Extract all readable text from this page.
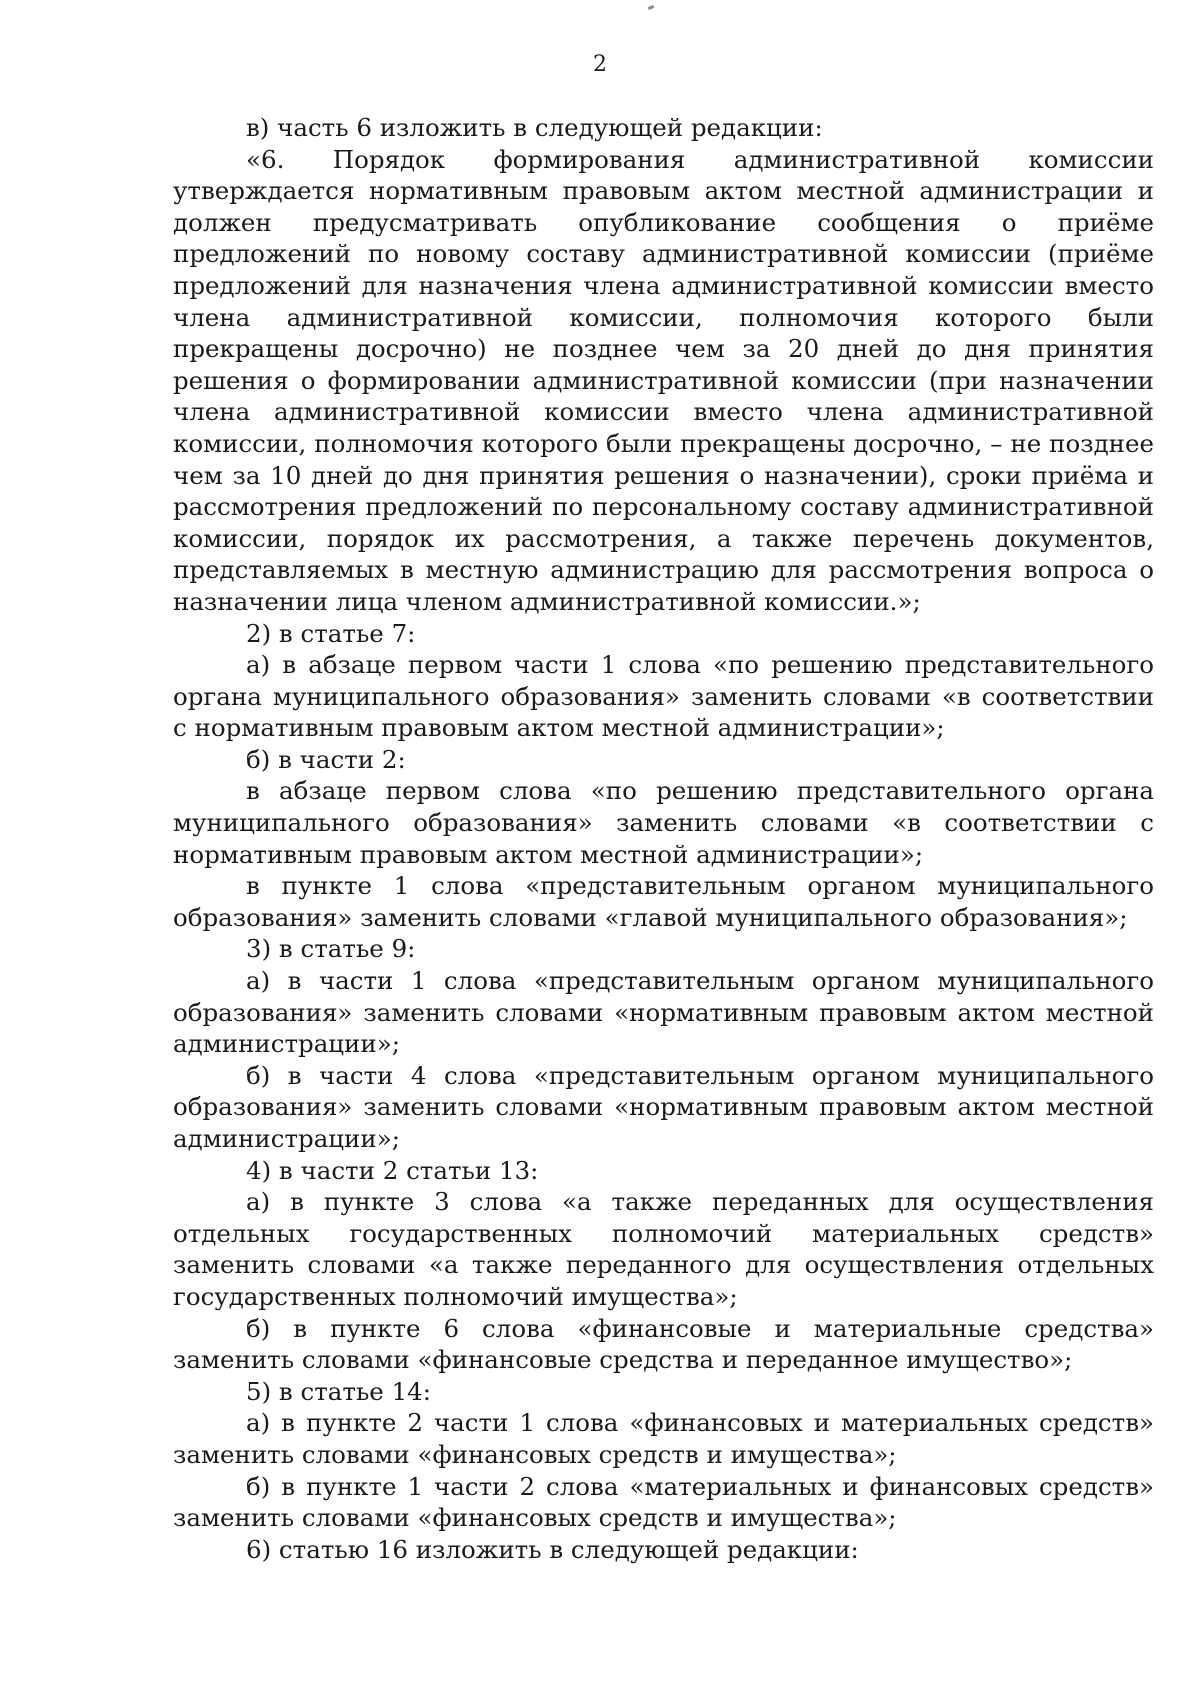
2

в) часть 6 изложить в следующей редакции:

«6. Порядок формирования административной комиссии утверждается нормативным правовым актом местной администрации и должен предусматривать опубликование сообщения о приёме предложений по новому составу административной комиссии (приёме предложений для назначения члена административной комиссии вместо члена административной комиссии, полномочия которого были прекращены досрочно) не позднее чем за 20 дней до дня принятия решения о формировании административной комиссии (при назначении члена административной комиссии вместо члена административной комиссии, полномочия которого были прекращены досрочно, – не позднее чем за 10 дней до дня принятия решения о назначении), сроки приёма и рассмотрения предложений по персональному составу административной комиссии, порядок их рассмотрения, а также перечень документов, представляемых в местную администрацию для рассмотрения вопроса о назначении лица членом административной комиссии.»;

2) в статье 7:

а) в абзаце первом части 1 слова «по решению представительного органа муниципального образования» заменить словами «в соответствии с нормативным правовым актом местной администрации»;

б) в части 2:

в абзаце первом слова «по решению представительного органа муниципального образования» заменить словами «в соответствии с нормативным правовым актом местной администрации»;

в пункте 1 слова «представительным органом муниципального образования» заменить словами «главой муниципального образования»;

3) в статье 9:

а) в части 1 слова «представительным органом муниципального образования» заменить словами «нормативным правовым актом местной администрации»;

б) в части 4 слова «представительным органом муниципального образования» заменить словами «нормативным правовым актом местной администрации»;

4) в части 2 статьи 13:

а) в пункте 3 слова «а также переданных для осуществления отдельных государственных полномочий материальных средств» заменить словами «а также переданного для осуществления отдельных государственных полномочий имущества»;

б) в пункте 6 слова «финансовые и материальные средства» заменить словами «финансовые средства и переданное имущество»;

5) в статье 14:

а) в пункте 2 части 1 слова «финансовых и материальных средств» заменить словами «финансовых средств и имущества»;

б) в пункте 1 части 2 слова «материальных и финансовых средств» заменить словами «финансовых средств и имущества»;

6) статью 16 изложить в следующей редакции:
